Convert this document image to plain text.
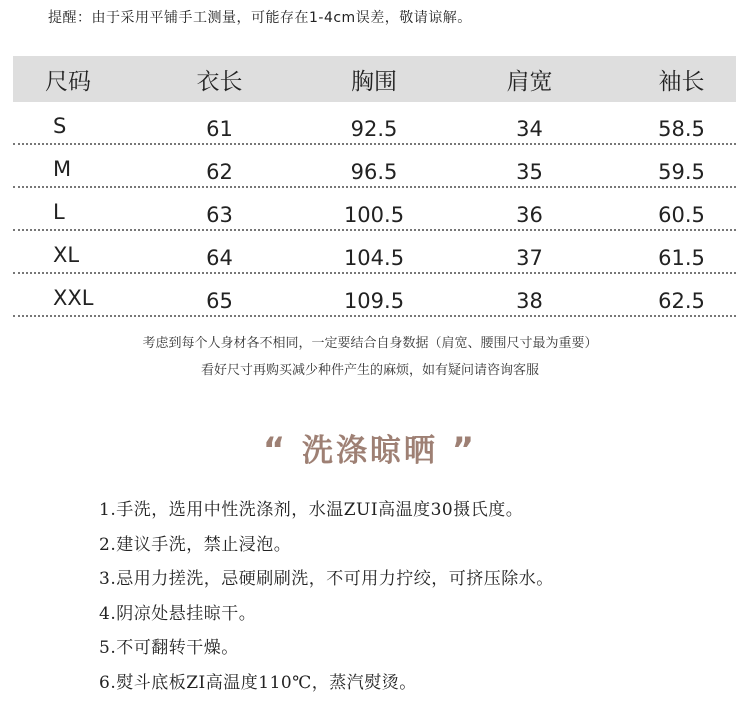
提醒：由于采用平铺手工测量，可能存在1-4cm误差，敬请谅解。
尺码	衣长	胸围	肩宽	袖长
S	61	92.5	34	58.5
M	62	96.5	35	59.5
L	63	100.5	36	60.5
XL	64	104.5	37	61.5
XXL	65	109.5	38	62.5
考虑到每个人身材各不相同，一定要结合自身数据（肩宽、腰围尺寸最为重要）
看好尺寸再购买减少种件产生的麻烦，如有疑问请咨询客服
“ 洗涤晾晒 ”
1.手洗，选用中性洗涤剂，水温ZUI高温度30摄氏度。
2.建议手洗，禁止浸泡。
3.忌用力搓洗，忌硬刷刷洗，不可用力拧绞，可挤压除水。
4.阴凉处悬挂晾干。
5.不可翻转干燥。
6.熨斗底板ZI高温度110℃，蒸汽熨烫。
